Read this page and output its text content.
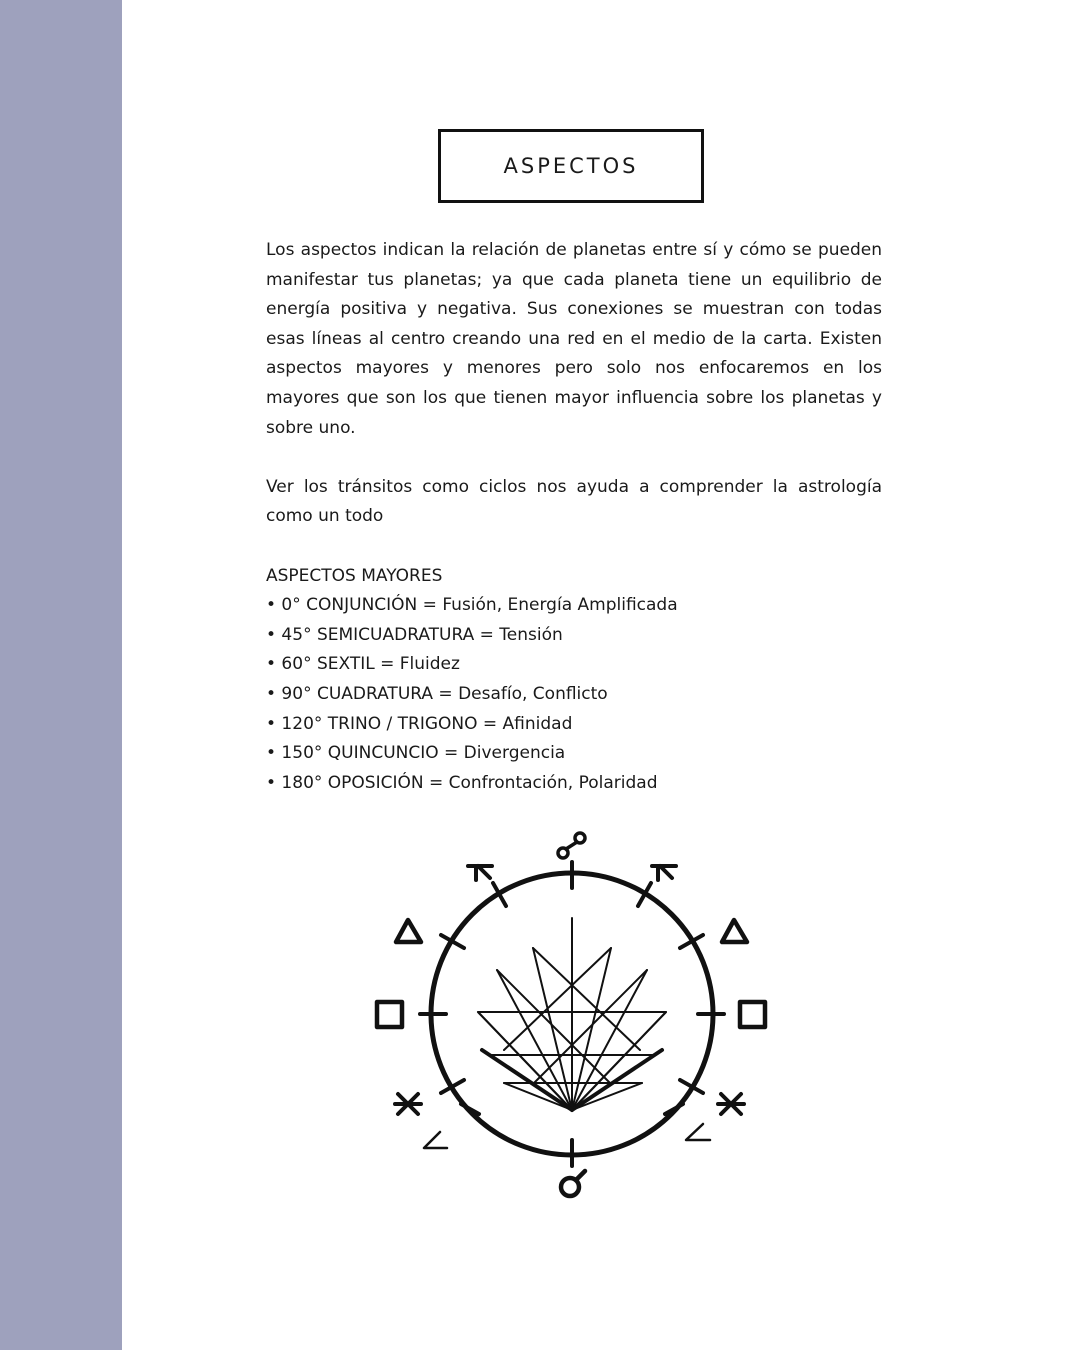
ASPECTOS

Los aspectos indican la relación de planetas entre sí y cómo se pueden manifestar tus planetas; ya que cada planeta tiene un equilibrio de energía positiva y negativa. Sus conexiones se muestran con todas esas líneas al centro creando una red en el medio de la carta. Existen aspectos mayores y menores pero solo nos enfocaremos en los mayores que son los que tienen mayor influencia sobre los planetas y sobre uno.

Ver los tránsitos como ciclos nos ayuda a comprender la astrología como un todo

ASPECTOS MAYORES

• 0° CONJUNCIÓN = Fusión, Energía Amplificada
• 45° SEMICUADRATURA = Tensión
• 60° SEXTIL = Fluidez
• 90° CUADRATURA = Desafío, Conflicto
• 120° TRINO / TRIGONO = Afinidad
• 150° QUINCUNCIO = Divergencia
• 180° OPOSICIÓN = Confrontación, Polaridad
